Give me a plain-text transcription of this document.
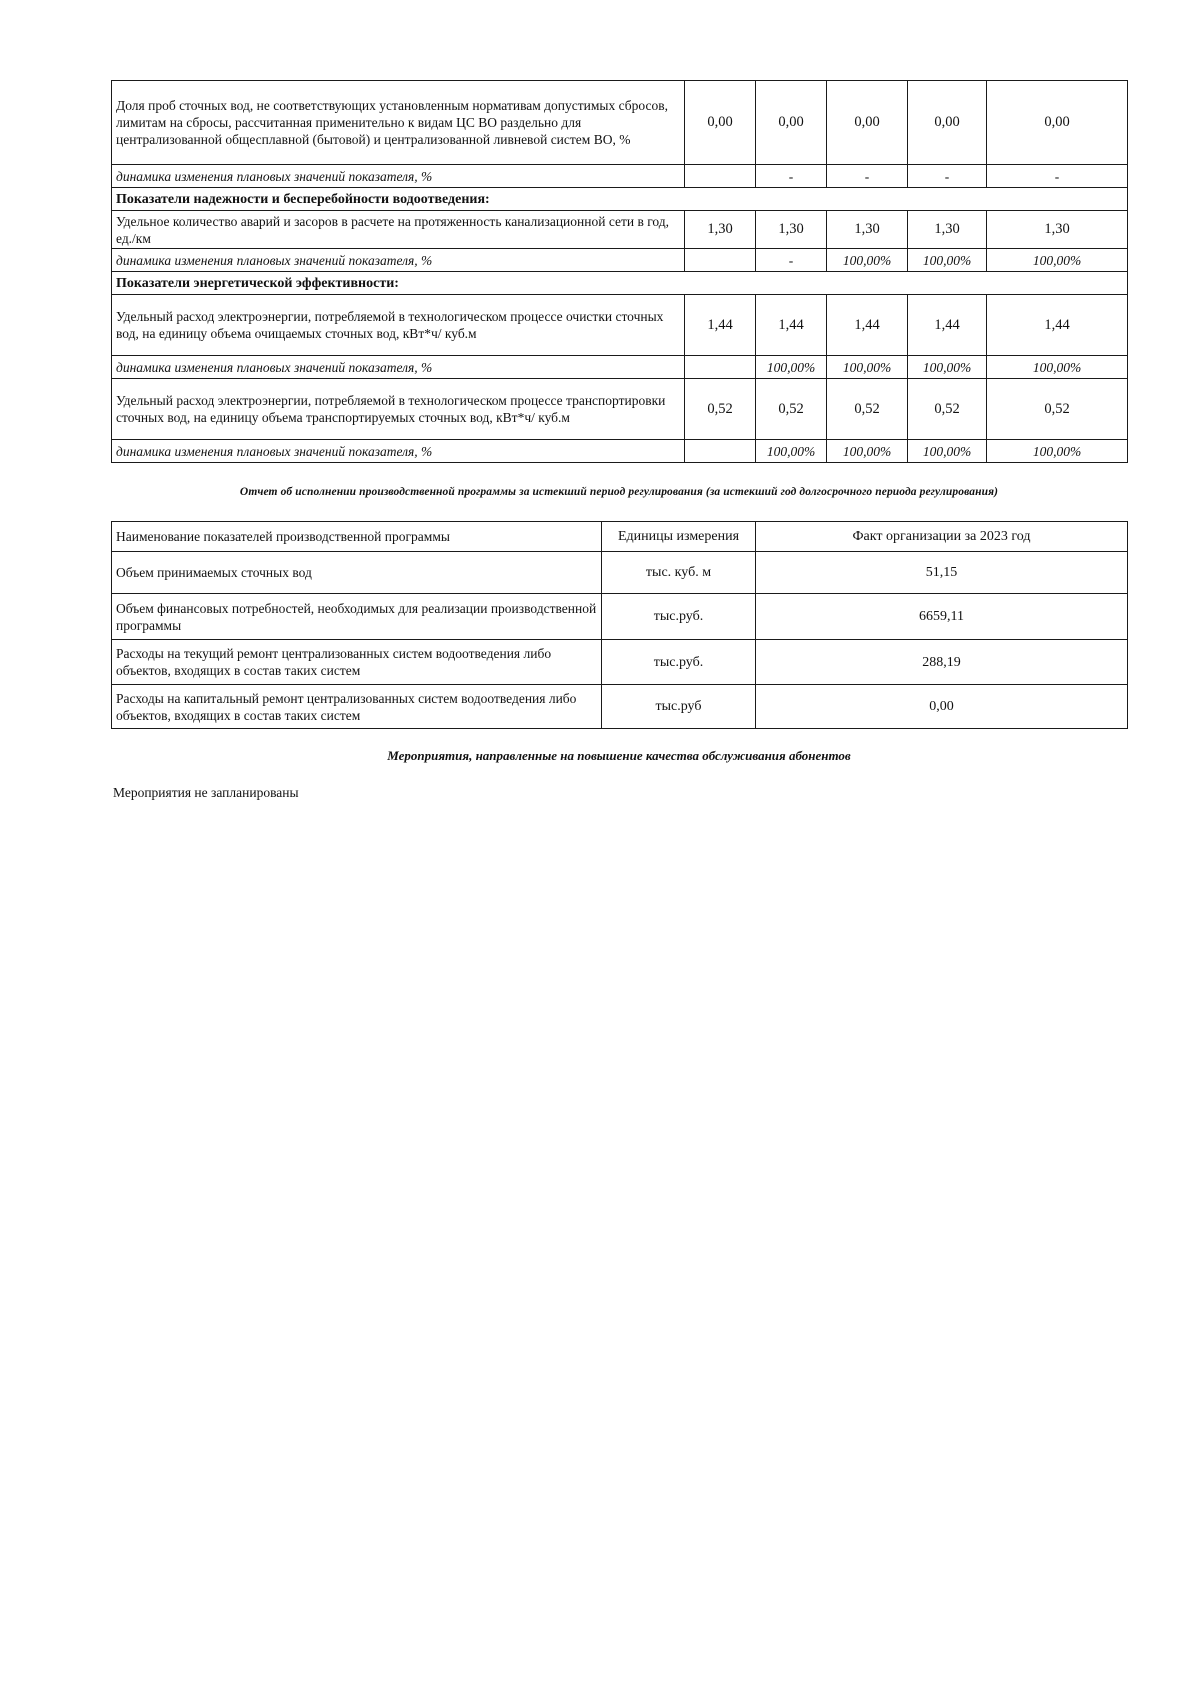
Доля проб сточных вод, не соответствующих установленным нормативам допустимых сбросов, лимитам на сбросы, рассчитанная применительно к видам ЦС ВО раздельно для централизованной общесплавной (бытовой) и централизованной ливневой систем ВО, %	0,00	0,00	0,00	0,00	0,00
динамика изменения плановых значений показателя, %		-	-	-	-
Показатели надежности и бесперебойности водоотведения:					
Удельное количество аварий и засоров в расчете на протяженность канализационной сети в год, ед./км	1,30	1,30	1,30	1,30	1,30
динамика изменения плановых значений показателя, %		-	100,00%	100,00%	100,00%
Показатели энергетической эффективности:					
Удельный расход электроэнергии, потребляемой в технологическом процессе очистки сточных вод, на единицу объема очищаемых сточных вод, кВт*ч/ куб.м	1,44	1,44	1,44	1,44	1,44
динамика изменения плановых значений показателя, %		100,00%	100,00%	100,00%	100,00%
Удельный расход электроэнергии, потребляемой в технологическом процессе транспортировки сточных вод, на единицу объема транспортируемых сточных вод, кВт*ч/ куб.м	0,52	0,52	0,52	0,52	0,52
динамика изменения плановых значений показателя, %		100,00%	100,00%	100,00%	100,00%
Отчет об исполнении производственной программы за истекший период регулирования (за истекший год долгосрочного периода регулирования)
Наименование показателей производственной программы	Единицы измерения	Факт организации за 2023 год
Объем принимаемых сточных вод	тыс. куб. м	51,15
Объем финансовых потребностей, необходимых для реализации производственной программы	тыс.руб.	6659,11
Расходы на текущий ремонт централизованных систем водоотведения либо объектов, входящих в состав таких систем	тыс.руб.	288,19
Расходы на капитальный ремонт централизованных систем водоотведения либо объектов, входящих в состав таких систем	тыс.руб	0,00
Мероприятия, направленные на повышение качества обслуживания абонентов
Мероприятия не запланированы
